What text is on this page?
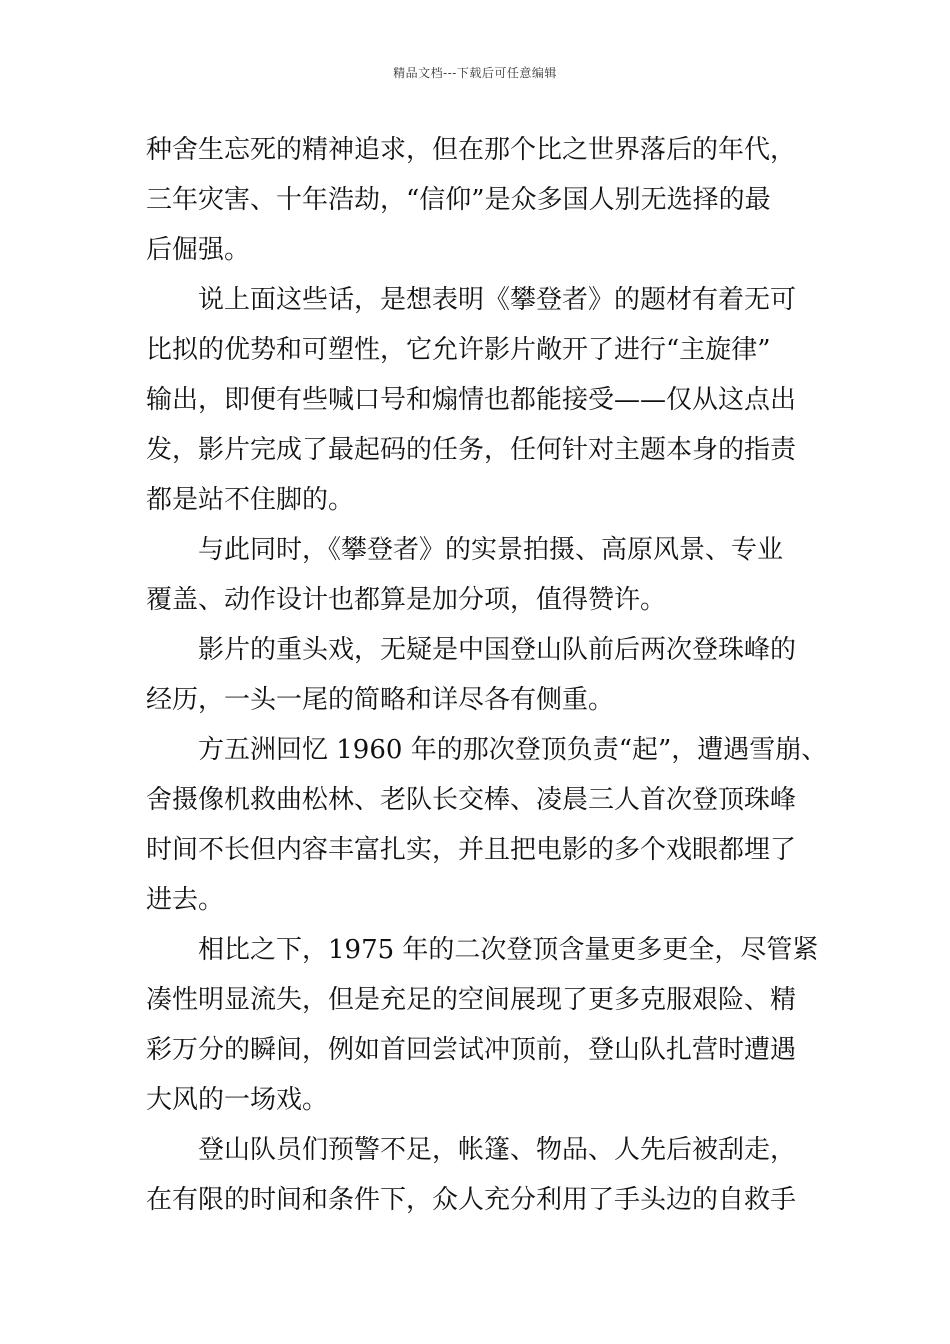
精品文档---下载后可任意编辑
种舍生忘死的精神追求，但在那个比之世界落后的年代，
三年灾害、十年浩劫，“信仰”是众多国人别无选择的最
后倔强。
说上面这些话，是想表明《攀登者》的题材有着无可
比拟的优势和可塑性，它允许影片敞开了进行“主旋律”
输出，即便有些喊口号和煽情也都能接受——仅从这点出
发，影片完成了最起码的任务，任何针对主题本身的指责
都是站不住脚的。
与此同时，《攀登者》的实景拍摄、高原风景、专业
覆盖、动作设计也都算是加分项，值得赞许。
影片的重头戏，无疑是中国登山队前后两次登珠峰的
经历，一头一尾的简略和详尽各有侧重。
方五洲回忆 1960 年的那次登顶负责“起”，遭遇雪崩、
舍摄像机救曲松林、老队长交棒、凌晨三人首次登顶珠峰
时间不长但内容丰富扎实，并且把电影的多个戏眼都埋了
进去。
相比之下，1975 年的二次登顶含量更多更全，尽管紧
凑性明显流失，但是充足的空间展现了更多克服艰险、精
彩万分的瞬间，例如首回尝试冲顶前，登山队扎营时遭遇
大风的一场戏。
登山队员们预警不足，帐篷、物品、人先后被刮走，
在有限的时间和条件下，众人充分利用了手头边的自救手
